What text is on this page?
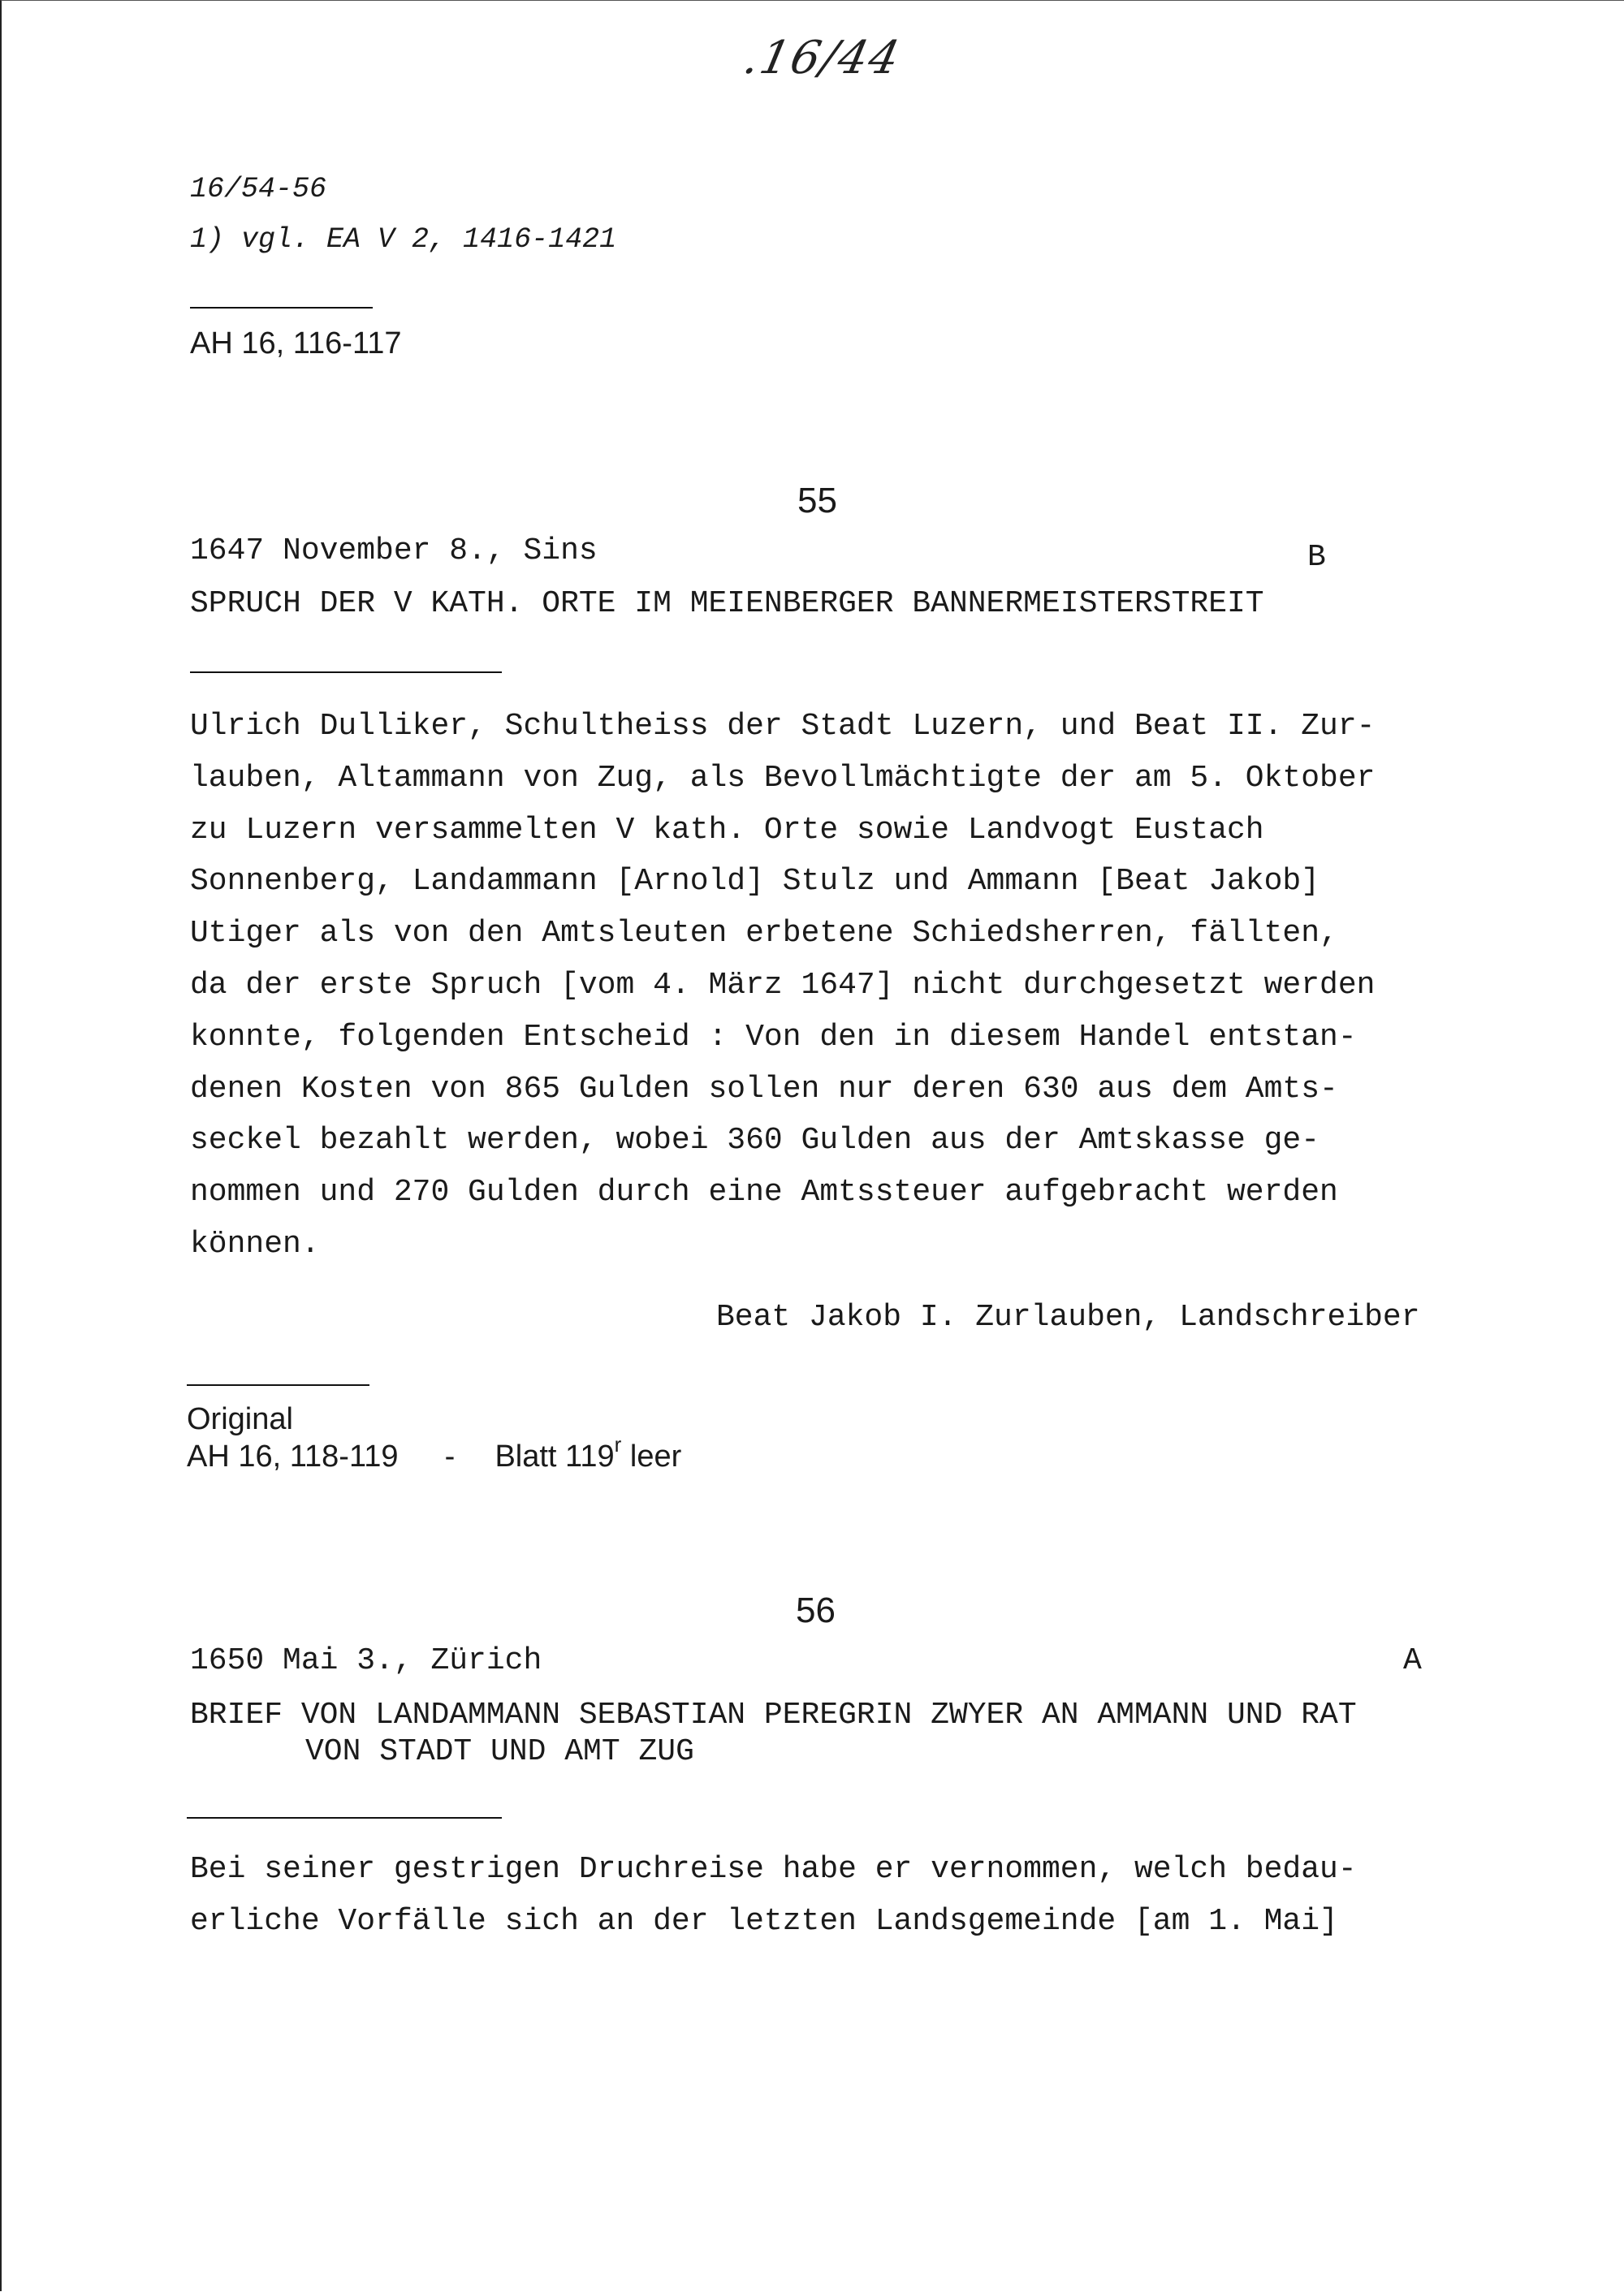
.16/44
16/54-56
1) vgl. EA V 2, 1416-1421
AH 16, 116-117
55
1647 November 8., Sins	B
SPRUCH DER V KATH. ORTE IM MEIENBERGER BANNERMEISTERSTREIT
Ulrich Dulliker, Schultheiss der Stadt Luzern, und Beat II. Zur-
lauben, Altammann von Zug, als Bevollmächtigte der am 5. Oktober
zu Luzern versammelten V kath. Orte sowie Landvogt Eustach
Sonnenberg, Landammann [Arnold] Stulz und Ammann [Beat Jakob]
Utiger als von den Amtsleuten erbetene Schiedsherren, fällten,
da der erste Spruch [vom 4. März 1647] nicht durchgesetzt werden
konnte, folgenden Entscheid : Von den in diesem Handel entstan-
denen Kosten von 865 Gulden sollen nur deren 630 aus dem Amts-
seckel bezahlt werden, wobei 360 Gulden aus der Amtskasse ge-
nommen und 270 Gulden durch eine Amtssteuer aufgebracht werden
können.
Beat Jakob I. Zurlauben, Landschreiber
Original
AH 16, 118-119 - Blatt 119$^r$ leer
56
1650 Mai 3., Zürich	A
BRIEF VON LANDAMMANN SEBASTIAN PEREGRIN ZWYER AN AMMANN UND RAT
VON STADT UND AMT ZUG
Bei seiner gestrigen Druchreise habe er vernommen, welch bedau-
erliche Vorfälle sich an der letzten Landsgemeinde [am 1. Mai]
